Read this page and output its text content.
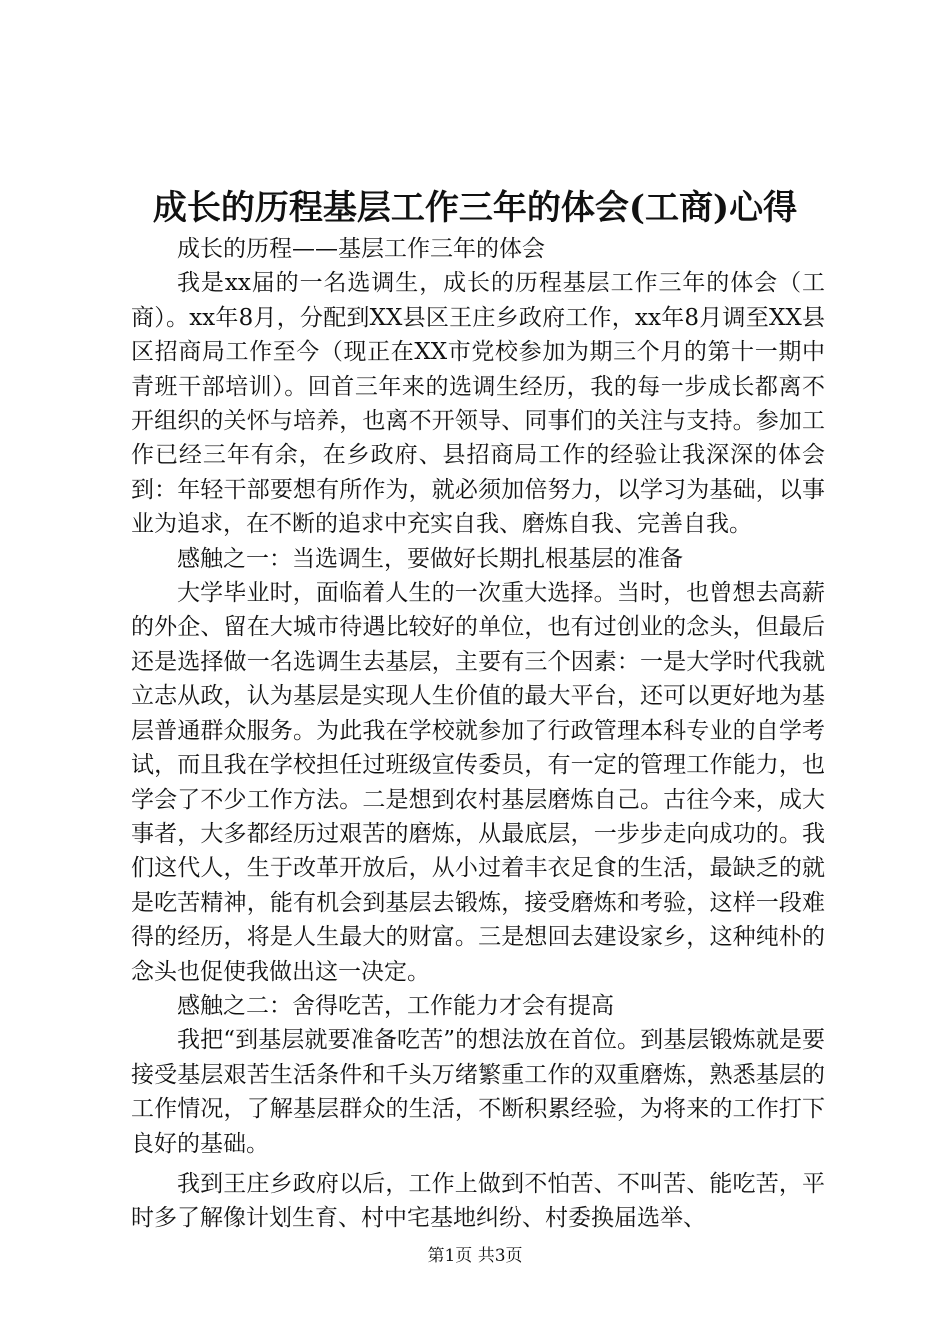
成长的历程基层工作三年的体会(工商)心得

成长的历程——基层工作三年的体会

我是xx届的一名选调生，成长的历程基层工作三年的体会（工商）。xx年8月，分配到XX县区王庄乡政府工作，xx年8月调至XX县区招商局工作至今（现正在XX市党校参加为期三个月的第十一期中青班干部培训）。回首三年来的选调生经历，我的每一步成长都离不开组织的关怀与培养，也离不开领导、同事们的关注与支持。参加工作已经三年有余，在乡政府、县招商局工作的经验让我深深的体会到：年轻干部要想有所作为，就必须加倍努力，以学习为基础，以事业为追求，在不断的追求中充实自我、磨炼自我、完善自我。

感触之一：当选调生，要做好长期扎根基层的准备

大学毕业时，面临着人生的一次重大选择。当时，也曾想去高薪的外企、留在大城市待遇比较好的单位，也有过创业的念头，但最后还是选择做一名选调生去基层，主要有三个因素：一是大学时代我就立志从政，认为基层是实现人生价值的最大平台，还可以更好地为基层普通群众服务。为此我在学校就参加了行政管理本科专业的自学考试，而且我在学校担任过班级宣传委员，有一定的管理工作能力，也学会了不少工作方法。二是想到农村基层磨炼自己。古往今来，成大事者，大多都经历过艰苦的磨炼，从最底层，一步步走向成功的。我们这代人，生于改革开放后，从小过着丰衣足食的生活，最缺乏的就是吃苦精神，能有机会到基层去锻炼，接受磨炼和考验，这样一段难得的经历，将是人生最大的财富。三是想回去建设家乡，这种纯朴的念头也促使我做出这一决定。

感触之二：舍得吃苦，工作能力才会有提高

我把“到基层就要准备吃苦”的想法放在首位。到基层锻炼就是要接受基层艰苦生活条件和千头万绪繁重工作的双重磨炼，熟悉基层的工作情况，了解基层群众的生活，不断积累经验，为将来的工作打下良好的基础。

我到王庄乡政府以后，工作上做到不怕苦、不叫苦、能吃苦，平时多了解像计划生育、村中宅基地纠纷、村委换届选举、

第1页 共3页
